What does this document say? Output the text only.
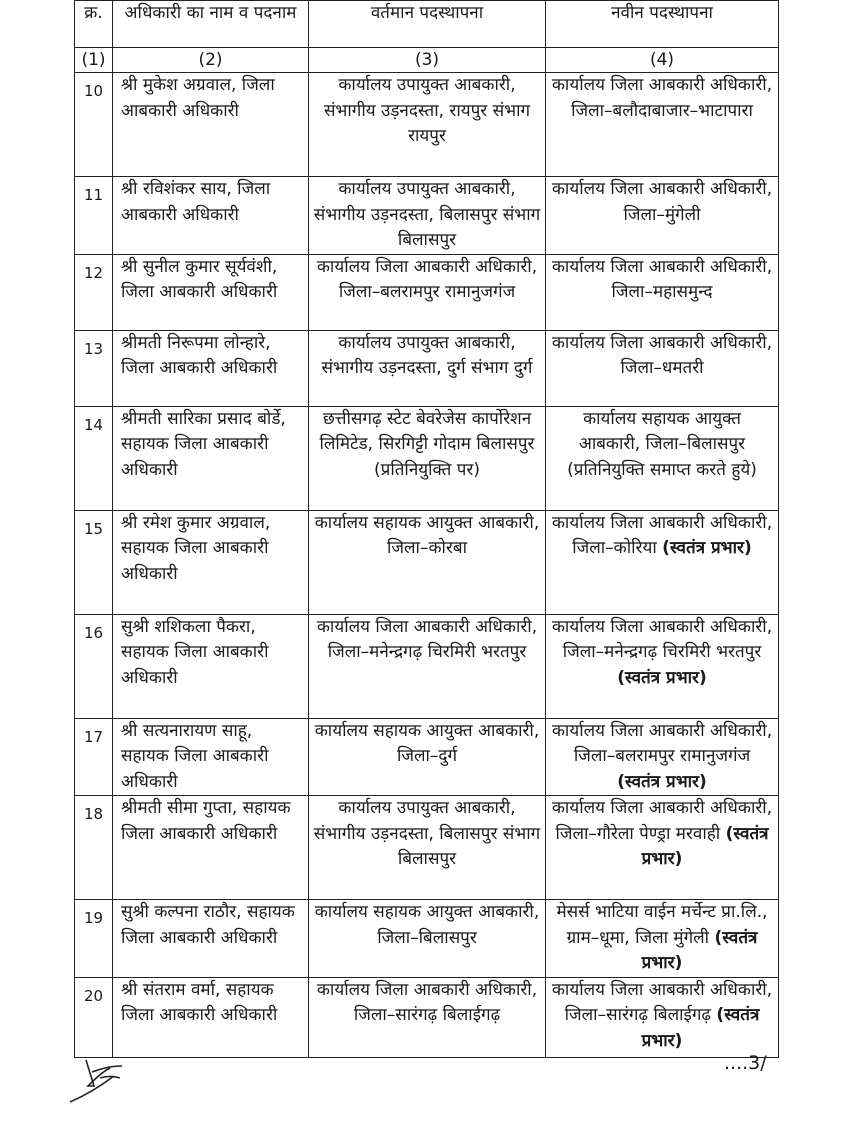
क्र.	अधिकारी का नाम व पदनाम	वर्तमान पदस्थापना	नवीन पदस्थापना
(1)	(2)	(3)	(4)
10	श्री मुकेश अग्रवाल, जिला आबकारी अधिकारी	कार्यालय उपायुक्त आबकारी, संभागीय उड़नदस्ता, रायपुर संभाग रायपुर	कार्यालय जिला आबकारी अधिकारी, जिला–बलौदाबाजार–भाटापारा
11	श्री रविशंकर साय, जिला आबकारी अधिकारी	कार्यालय उपायुक्त आबकारी, संभागीय उड़नदस्ता, बिलासपुर संभाग बिलासपुर	कार्यालय जिला आबकारी अधिकारी, जिला–मुंगेली
12	श्री सुनील कुमार सूर्यवंशी, जिला आबकारी अधिकारी	कार्यालय जिला आबकारी अधिकारी, जिला–बलरामपुर रामानुजगंज	कार्यालय जिला आबकारी अधिकारी, जिला–महासमुन्द
13	श्रीमती निरूपमा लोन्हारे, जिला आबकारी अधिकारी	कार्यालय उपायुक्त आबकारी, संभागीय उड़नदस्ता, दुर्ग संभाग दुर्ग	कार्यालय जिला आबकारी अधिकारी, जिला–धमतरी
14	श्रीमती सारिका प्रसाद बोर्डे, सहायक जिला आबकारी अधिकारी	छत्तीसगढ़ स्टेट बेवरेजेस कार्पोरेशन लिमिटेड, सिरगिट्टी गोदाम बिलासपुर (प्रतिनियुक्ति पर)	कार्यालय सहायक आयुक्त आबकारी, जिला–बिलासपुर (प्रतिनियुक्ति समाप्त करते हुये)
15	श्री रमेश कुमार अग्रवाल, सहायक जिला आबकारी अधिकारी	कार्यालय सहायक आयुक्त आबकारी, जिला–कोरबा	कार्यालय जिला आबकारी अधिकारी, जिला–कोरिया (स्वतंत्र प्रभार)
16	सुश्री शशिकला पैकरा, सहायक जिला आबकारी अधिकारी	कार्यालय जिला आबकारी अधिकारी, जिला–मनेन्द्रगढ़ चिरमिरी भरतपुर	कार्यालय जिला आबकारी अधिकारी, जिला–मनेन्द्रगढ़ चिरमिरी भरतपुर (स्वतंत्र प्रभार)
17	श्री सत्यनारायण साहू, सहायक जिला आबकारी अधिकारी	कार्यालय सहायक आयुक्त आबकारी, जिला–दुर्ग	कार्यालय जिला आबकारी अधिकारी, जिला–बलरामपुर रामानुजगंज (स्वतंत्र प्रभार)
18	श्रीमती सीमा गुप्ता, सहायक जिला आबकारी अधिकारी	कार्यालय उपायुक्त आबकारी, संभागीय उड़नदस्ता, बिलासपुर संभाग बिलासपुर	कार्यालय जिला आबकारी अधिकारी, जिला–गौरेला पेण्ड्रा मरवाही (स्वतंत्र प्रभार)
19	सुश्री कल्पना राठौर, सहायक जिला आबकारी अधिकारी	कार्यालय सहायक आयुक्त आबकारी, जिला–बिलासपुर	मेसर्स भाटिया वाईन मर्चेन्ट प्रा.लि., ग्राम–धूमा, जिला मुंगेली (स्वतंत्र प्रभार)
20	श्री संतराम वर्मा, सहायक जिला आबकारी अधिकारी	कार्यालय जिला आबकारी अधिकारी, जिला–सारंगढ़ बिलाईगढ़	कार्यालय जिला आबकारी अधिकारी, जिला–सारंगढ़ बिलाईगढ़ (स्वतंत्र प्रभार)
....3/
